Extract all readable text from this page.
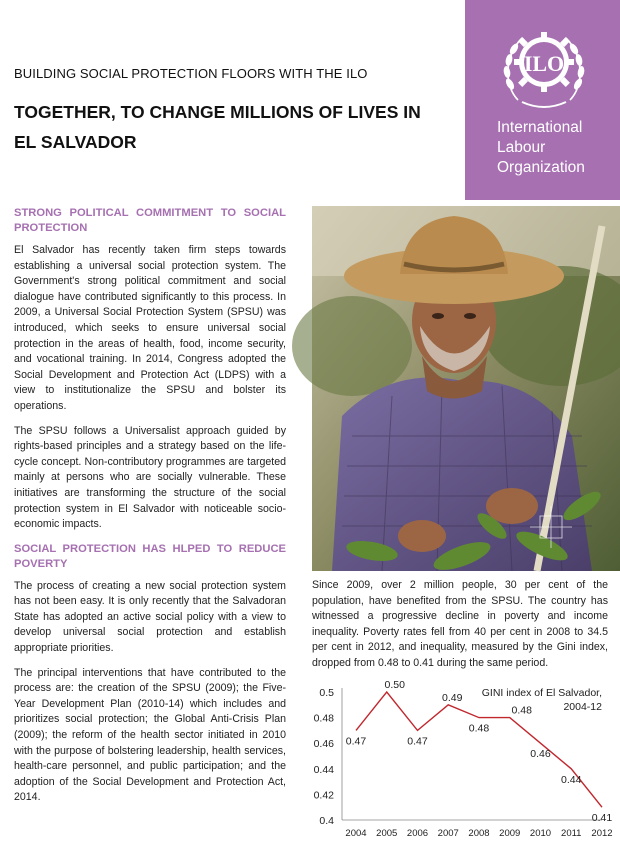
BUILDING SOCIAL PROTECTION FLOORS WITH THE ILO
TOGETHER, TO CHANGE MILLIONS OF LIVES IN
EL SALVADOR
ILO
International
Labour
Organization
STRONG POLITICAL COMMITMENT TO SOCIAL PROTECTION

El Salvador has recently taken firm steps towards establishing a universal social protection system. The Government's strong political commitment and social dialogue have contributed significantly to this process. In 2009, a Universal Social Protection System (SPSU) was introduced, which seeks to ensure universal social protection in the areas of health, food, income security, and vocational training. In 2014, Congress adopted the Social Development and Protection Act (LDPS) with a view to institutionalize the SPSU and bolster its operations.

The SPSU follows a Universalist approach guided by rights-based principles and a strategy based on the life-cycle concept. Non-contributory programmes are targeted mainly at persons who are socially vulnerable. These initiatives are transforming the structure of the social protection system in El Salvador with noticeable socio-economic impacts.

SOCIAL PROTECTION HAS HLPED TO REDUCE POVERTY

The process of creating a new social protection system has not been easy. It is only recently that the Salvadoran State has adopted an active social policy with a view to develop universal social protection and establish appropriate priorities.

The principal interventions that have contributed to the process are: the creation of the SPSU (2009); the Five-Year Development Plan (2010-14) which includes and prioritizes social protection; the Global Anti-Crisis Plan (2009); the reform of the health sector initiated in 2010 with the purpose of bolstering leadership, health services, health-care personnel, and public participation; and the adoption of the Social Development and Protection Act, 2014.

Since 2009, over 2 million people, 30 per cent of the population, have benefited from the SPSU. The country has witnessed a progressive decline in poverty and income inequality. Poverty rates fell from 40 per cent in 2008 to 34.5 per cent in 2012, and inequality, measured by the Gini index, dropped from 0.48 to 0.41 during the same period.

0.4
0.42
0.44
0.46
0.48
0.5
2004 2005 2006 2007 2008 2009 2010 2011 2012
0.47
0.50
0.47
0.49
0.48
0.48
0.46
0.44
0.41
GINI index of El Salvador,
2004-12
